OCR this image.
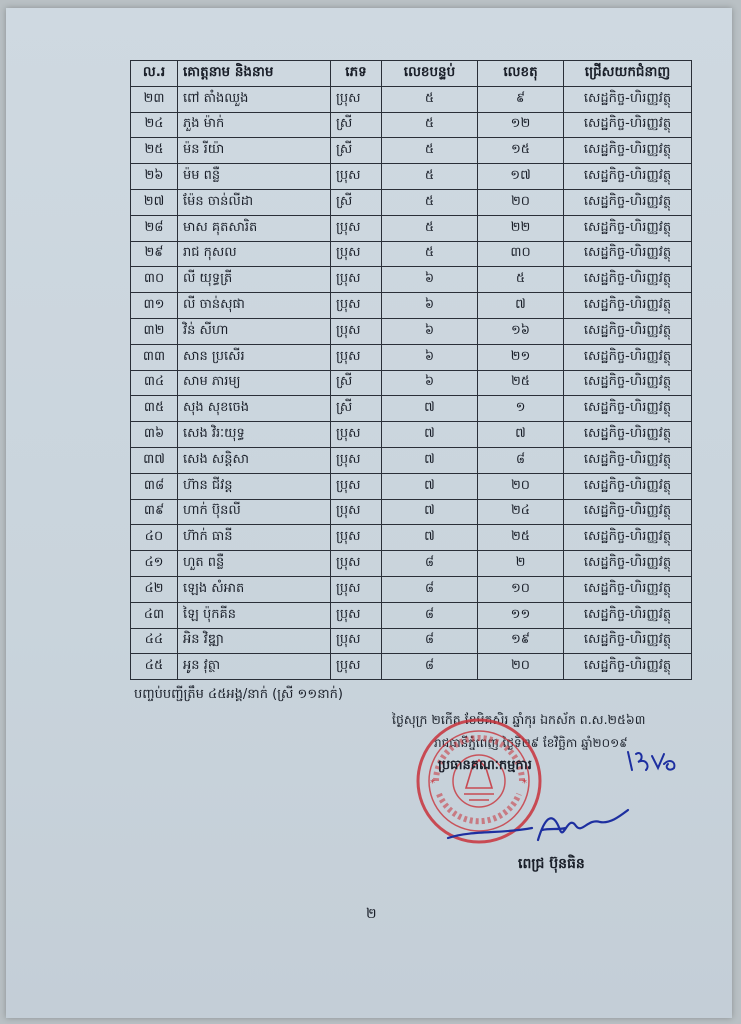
ល.រ	គោត្តនាម និងនាម	ភេទ	លេខបន្ទប់	លេខតុ	ជ្រើសយកជំនាញ
២៣	ពៅ តាំងឈួង	ប្រុស	៥	៩	សេដ្ឋកិច្ច-ហិរញ្ញវត្ថុ
២៤	ភួង ម៉ាក់	ស្រី	៥	១២	សេដ្ឋកិច្ច-ហិរញ្ញវត្ថុ
២៥	ម៉ន រីយ៉ា	ស្រី	៥	១៥	សេដ្ឋកិច្ច-ហិរញ្ញវត្ថុ
២៦	ម៉ម ពន្លឺ	ប្រុស	៥	១៧	សេដ្ឋកិច្ច-ហិរញ្ញវត្ថុ
២៧	ម៉ែន ចាន់លីដា	ស្រី	៥	២០	សេដ្ឋកិច្ច-ហិរញ្ញវត្ថុ
២៨	មាស គុតសារិត	ប្រុស	៥	២២	សេដ្ឋកិច្ច-ហិរញ្ញវត្ថុ
២៩	រាជ កុសល	ប្រុស	៥	៣០	សេដ្ឋកិច្ច-ហិរញ្ញវត្ថុ
៣០	លី យុទ្ធត្រី	ប្រុស	៦	៥	សេដ្ឋកិច្ច-ហិរញ្ញវត្ថុ
៣១	លី ចាន់សុផា	ប្រុស	៦	៧	សេដ្ឋកិច្ច-ហិរញ្ញវត្ថុ
៣២	វិន់ សីហា	ប្រុស	៦	១៦	សេដ្ឋកិច្ច-ហិរញ្ញវត្ថុ
៣៣	សាន ប្រសើរ	ប្រុស	៦	២១	សេដ្ឋកិច្ច-ហិរញ្ញវត្ថុ
៣៤	សាម ភារម្យ	ស្រី	៦	២៥	សេដ្ឋកិច្ច-ហិរញ្ញវត្ថុ
៣៥	សុង សុខចេង	ស្រី	៧	១	សេដ្ឋកិច្ច-ហិរញ្ញវត្ថុ
៣៦	សេង វិរៈយុទ្ធ	ប្រុស	៧	៧	សេដ្ឋកិច្ច-ហិរញ្ញវត្ថុ
៣៧	សេង សន្តិសា	ប្រុស	៧	៨	សេដ្ឋកិច្ច-ហិរញ្ញវត្ថុ
៣៨	ហ៊ាន ជីវន្ត	ប្រុស	៧	២០	សេដ្ឋកិច្ច-ហិរញ្ញវត្ថុ
៣៩	ហាក់ ប៊ុនលី	ប្រុស	៧	២៤	សេដ្ឋកិច្ច-ហិរញ្ញវត្ថុ
៤០	ហ៊ាក់ ធានី	ប្រុស	៧	២៥	សេដ្ឋកិច្ច-ហិរញ្ញវត្ថុ
៤១	ហួត ពន្លឺ	ប្រុស	៨	២	សេដ្ឋកិច្ច-ហិរញ្ញវត្ថុ
៤២	ឡេង សំអាត	ប្រុស	៨	១០	សេដ្ឋកិច្ច-ហិរញ្ញវត្ថុ
៤៣	ឡៃ ប៉ុកគីន	ប្រុស	៨	១១	សេដ្ឋកិច្ច-ហិរញ្ញវត្ថុ
៤៤	អិន វិឌ្ឍា	ប្រុស	៨	១៩	សេដ្ឋកិច្ច-ហិរញ្ញវត្ថុ
៤៥	អូន វុត្ថា	ប្រុស	៨	២០	សេដ្ឋកិច្ច-ហិរញ្ញវត្ថុ
បញ្ចប់បញ្ជីត្រឹម ៤៥អង្គ/នាក់ (ស្រី ១១នាក់)
ថ្ងៃសុក្រ ២កើត ខែមិគសិរ ឆ្នាំកុរ ឯកស័ក ព.ស.២៥៦៣
រាជធានីភ្នំពេញ ថ្ងៃទី២៩ ខែវិច្ឆិកា ឆ្នាំ២០១៩
*	*
ប្រធានគណៈកម្មការ
ពេជ្រ ប៊ុនធិន
២
